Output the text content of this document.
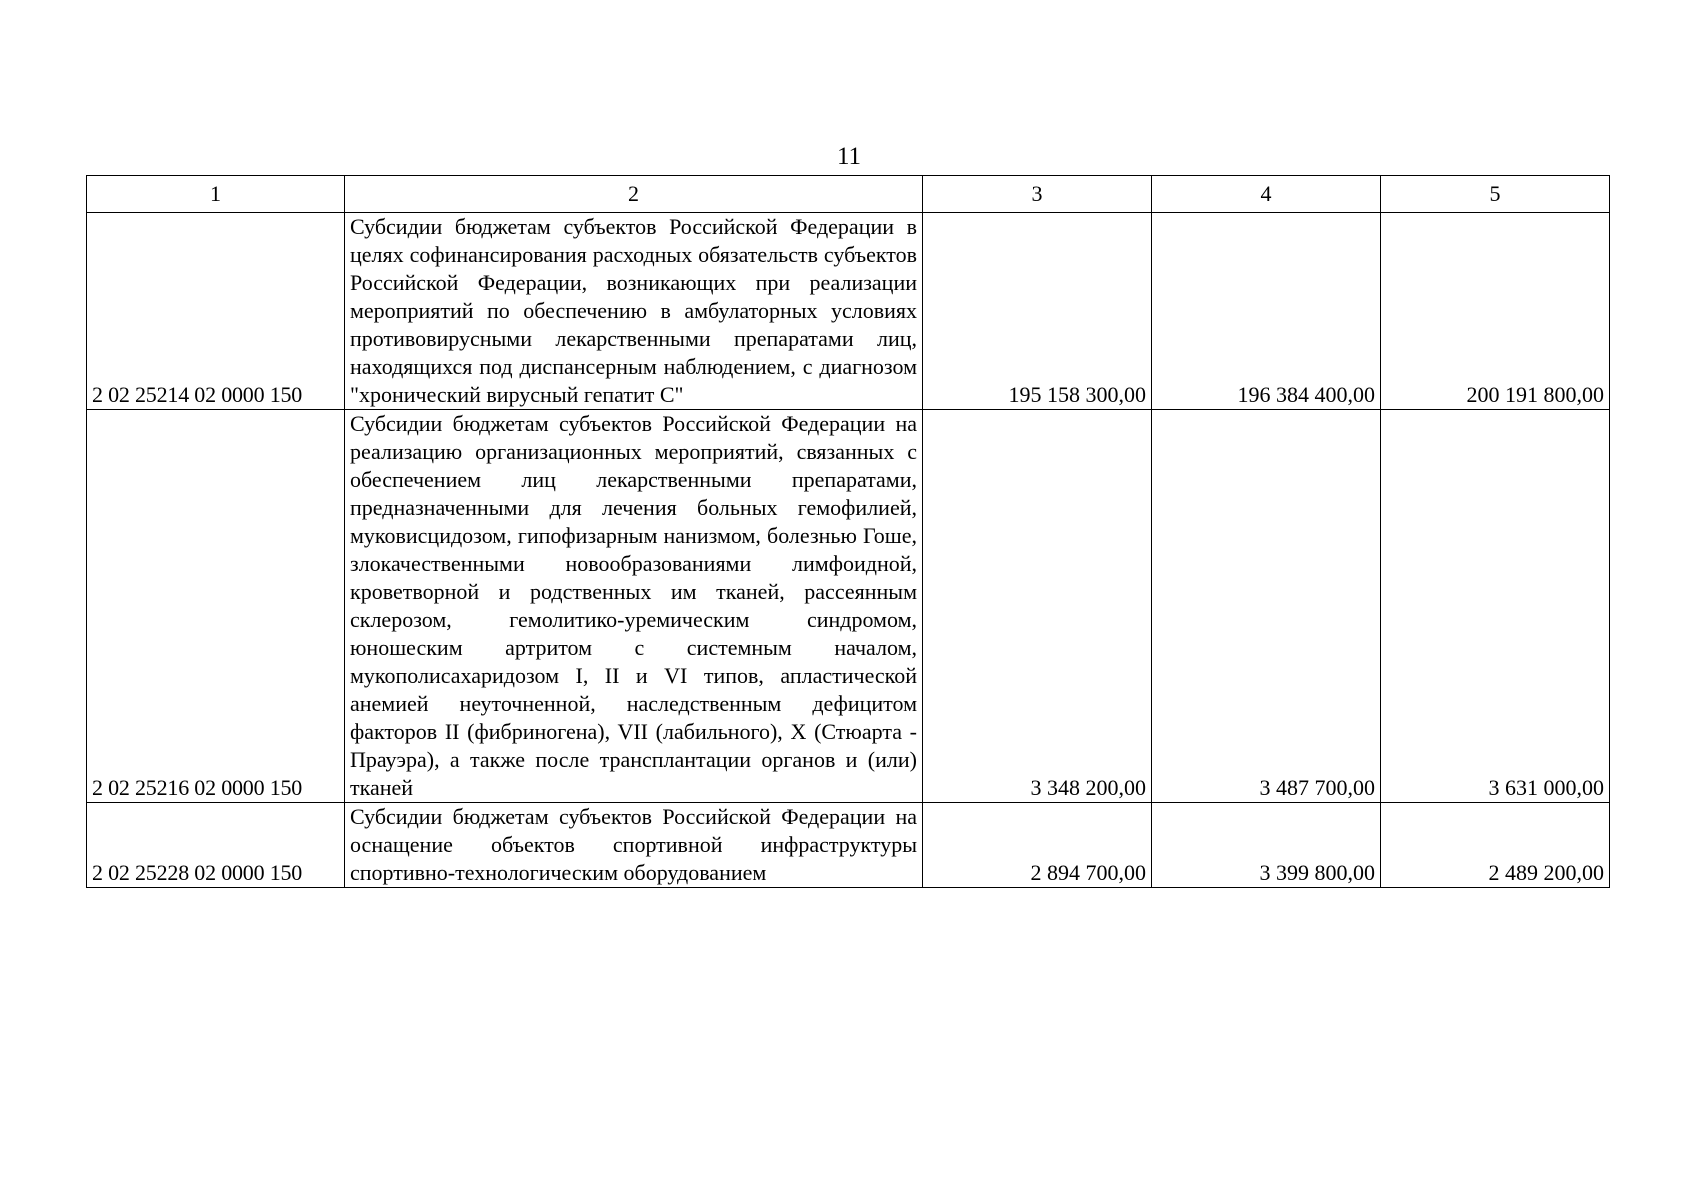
11
1	2	3	4	5
2 02 25214 02 0000 150	Субсидии бюджетам субъектов Российской Федерации в целях софинансирования расходных обязательств субъектов Российской Федерации, возникающих при реализации мероприятий по обеспечению в амбулаторных условиях противовирусными лекарственными препаратами лиц, находящихся под диспансерным наблюдением, с диагнозом "хронический вирусный гепатит С"	195 158 300,00	196 384 400,00	200 191 800,00
2 02 25216 02 0000 150	Субсидии бюджетам субъектов Российской Федерации на реализацию организационных мероприятий, связанных с обеспечением лиц лекарственными препаратами, предназначенными для лечения больных гемофилией, муковисцидозом, гипофизарным нанизмом, болезнью Гоше, злокачественными новообразованиями лимфоидной, кроветворной и родственных им тканей, рассеянным склерозом, гемолитико-уремическим синдромом, юношеским артритом с системным началом, мукополисахаридозом I, II и VI типов, апластической анемией неуточненной, наследственным дефицитом факторов II (фибриногена), VII (лабильного), X (Стюарта - Прауэра), а также после трансплантации органов и (или) тканей	3 348 200,00	3 487 700,00	3 631 000,00
2 02 25228 02 0000 150	Субсидии бюджетам субъектов Российской Федерации на оснащение объектов спортивной инфраструктуры спортивно-технологическим оборудованием	2 894 700,00	3 399 800,00	2 489 200,00
